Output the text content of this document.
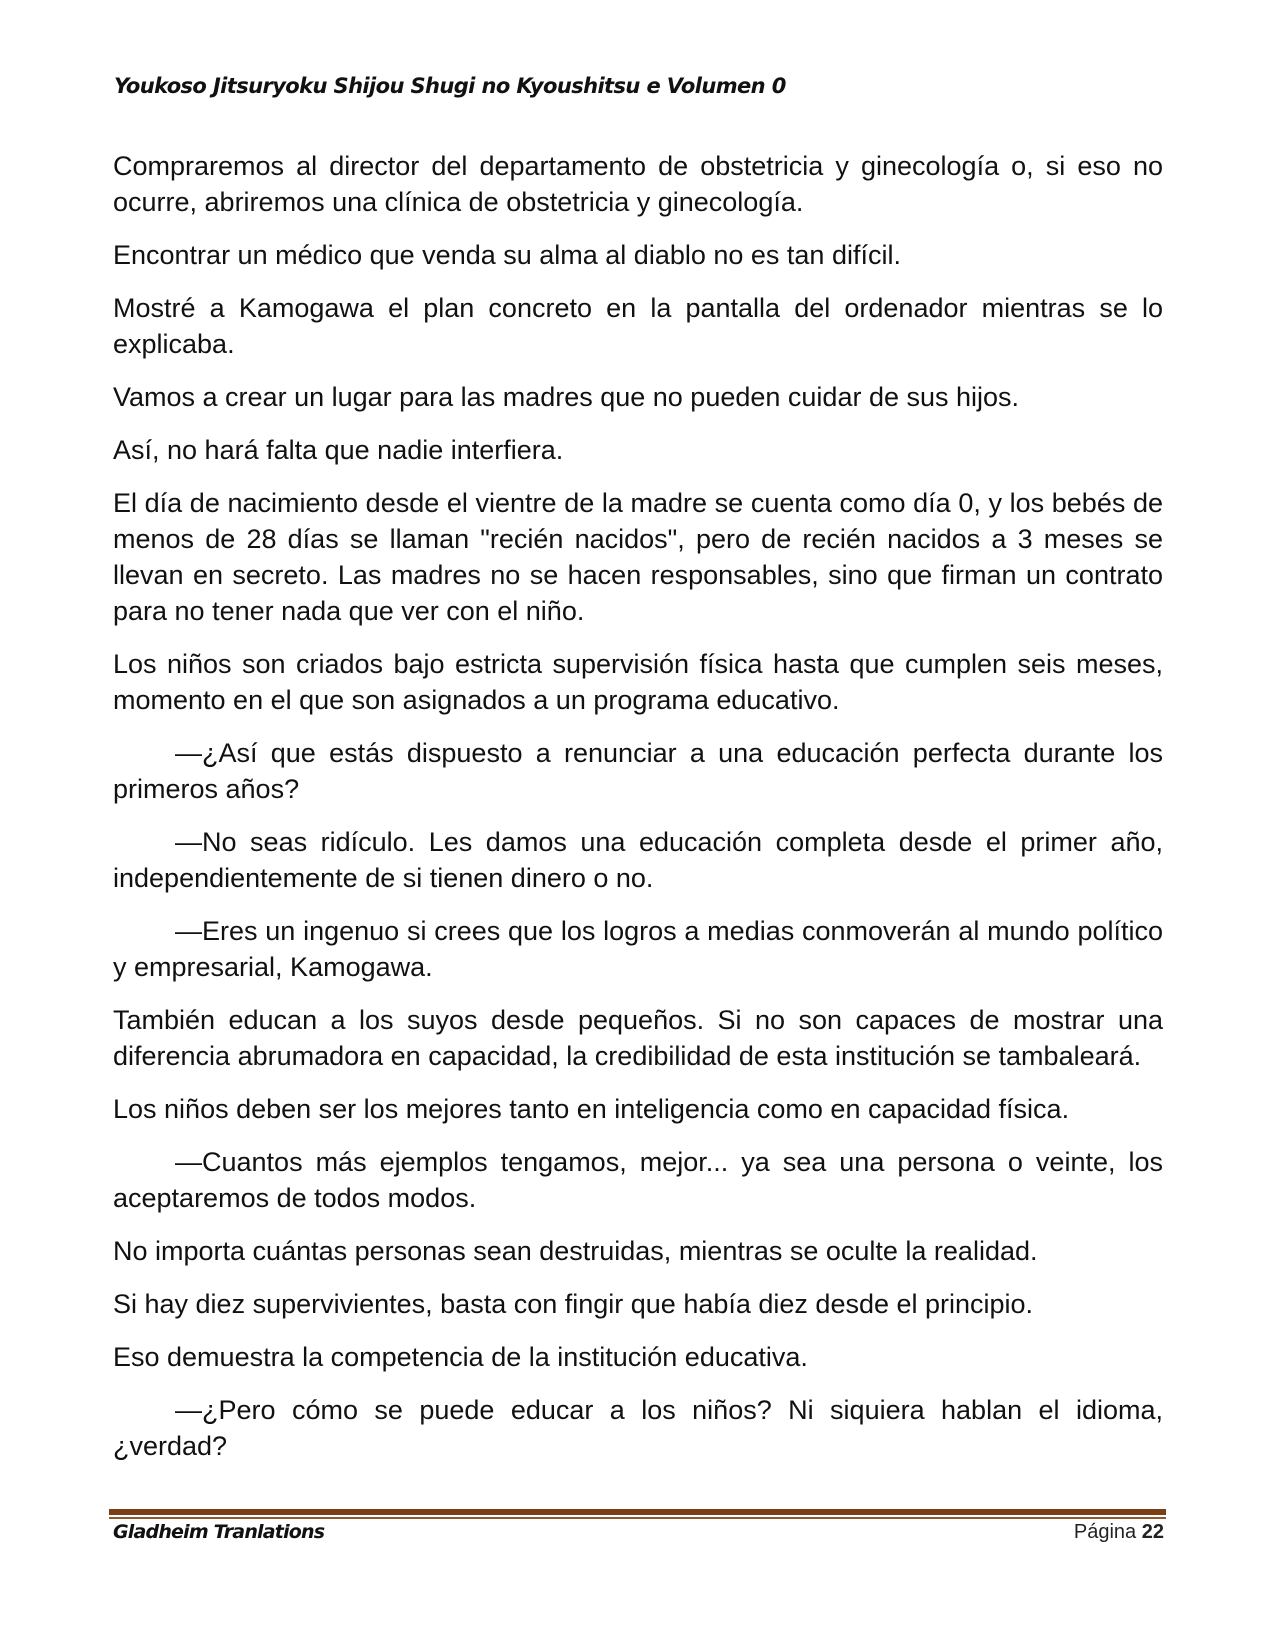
Youkoso Jitsuryoku Shijou Shugi no Kyoushitsu e Volumen 0

Compraremos al director del departamento de obstetricia y ginecología o, si eso no ocurre, abriremos una clínica de obstetricia y ginecología.

Encontrar un médico que venda su alma al diablo no es tan difícil.

Mostré a Kamogawa el plan concreto en la pantalla del ordenador mientras se lo explicaba.

Vamos a crear un lugar para las madres que no pueden cuidar de sus hijos.

Así, no hará falta que nadie interfiera.

El día de nacimiento desde el vientre de la madre se cuenta como día 0, y los bebés de menos de 28 días se llaman "recién nacidos", pero de recién nacidos a 3 meses se llevan en secreto. Las madres no se hacen responsables, sino que firman un contrato para no tener nada que ver con el niño.

Los niños son criados bajo estricta supervisión física hasta que cumplen seis meses, momento en el que son asignados a un programa educativo.

—¿Así que estás dispuesto a renunciar a una educación perfecta durante los primeros años?

—No seas ridículo. Les damos una educación completa desde el primer año, independientemente de si tienen dinero o no.

—Eres un ingenuo si crees que los logros a medias conmoverán al mundo político y empresarial, Kamogawa.

También educan a los suyos desde pequeños. Si no son capaces de mostrar una diferencia abrumadora en capacidad, la credibilidad de esta institución se tambaleará.

Los niños deben ser los mejores tanto en inteligencia como en capacidad física.

—Cuantos más ejemplos tengamos, mejor... ya sea una persona o veinte, los aceptaremos de todos modos.

No importa cuántas personas sean destruidas, mientras se oculte la realidad.

Si hay diez supervivientes, basta con fingir que había diez desde el principio.

Eso demuestra la competencia de la institución educativa.

—¿Pero cómo se puede educar a los niños? Ni siquiera hablan el idioma, ¿verdad?

Gladheim Tranlations	Página 22
